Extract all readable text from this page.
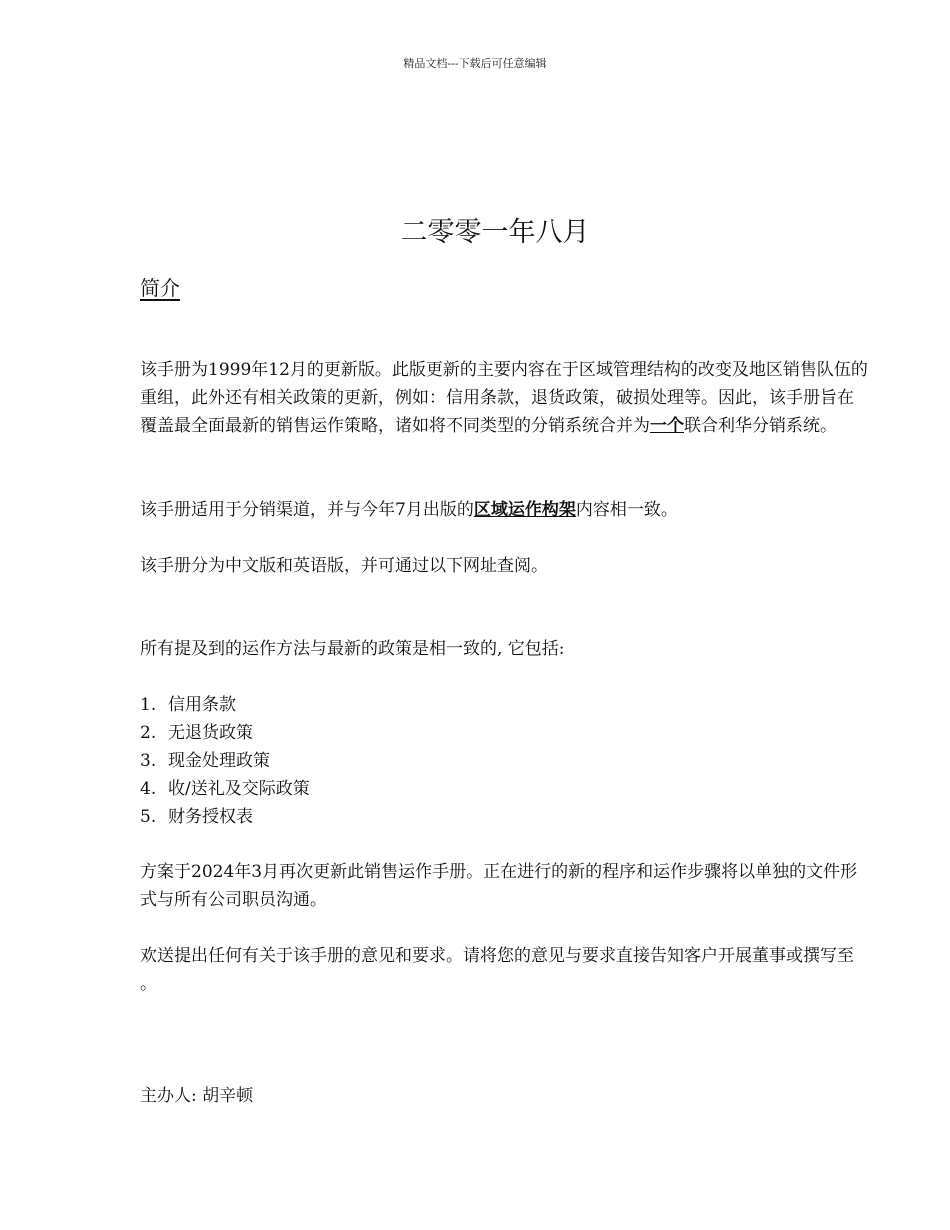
精品文档---下载后可任意编辑
二零零一年八月
简介

该手册为1999年12月的更新版。此版更新的主要内容在于区域管理结构的改变及地区销售队伍的重组，此外还有相关政策的更新，例如：信用条款，退货政策，破损处理等。因此，该手册旨在覆盖最全面最新的销售运作策略，诸如将不同类型的分销系统合并为一个联合利华分销系统。

该手册适用于分销渠道，并与今年7月出版的区域运作构架内容相一致。

该手册分为中文版和英语版，并可通过以下网址查阅。

所有提及到的运作方法与最新的政策是相一致的, 它包括:

1. 信用条款
2. 无退货政策
3. 现金处理政策
4. 收/送礼及交际政策
5. 财务授权表

方案于2024年3月再次更新此销售运作手册。正在进行的新的程序和运作步骤将以单独的文件形式与所有公司职员沟通。

欢送提出任何有关于该手册的意见和要求。请将您的意见与要求直接告知客户开展董事或撰写至 。

主办人: 胡辛顿
